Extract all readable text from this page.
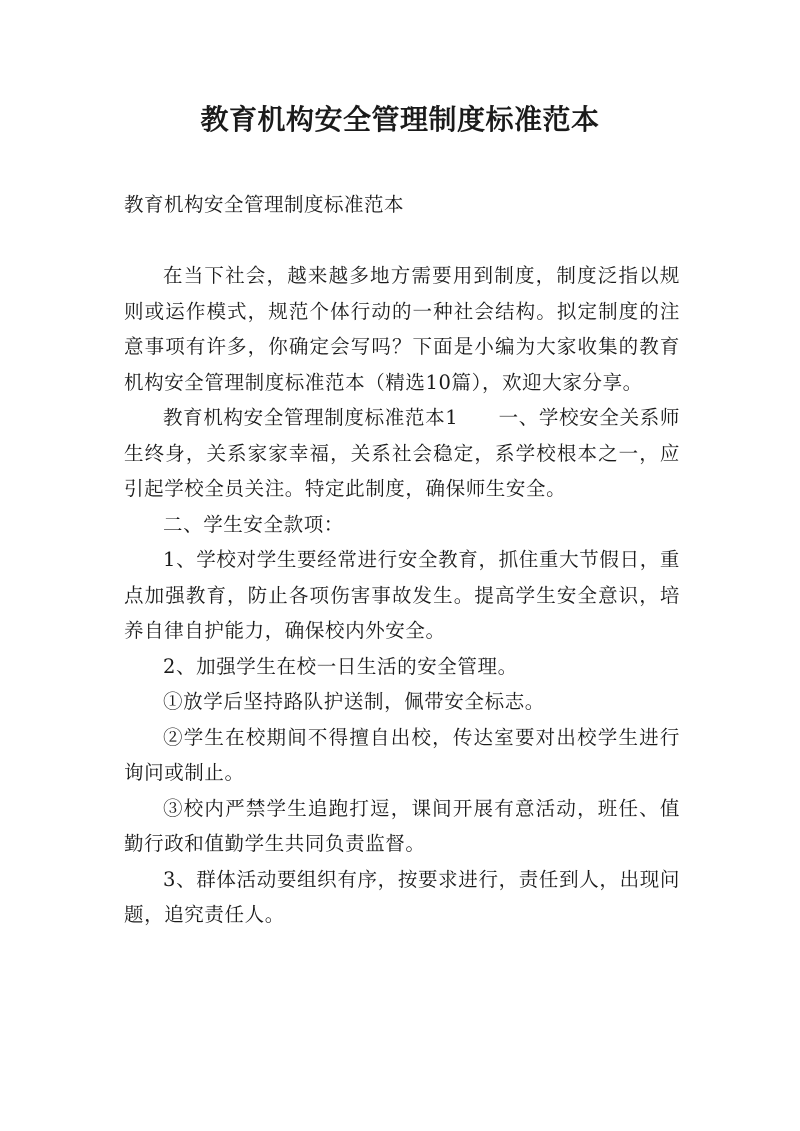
教育机构安全管理制度标准范本

教育机构安全管理制度标准范本

在当下社会，越来越多地方需要用到制度，制度泛指以规则或运作模式，规范个体行动的一种社会结构。拟定制度的注意事项有许多，你确定会写吗？下面是小编为大家收集的教育机构安全管理制度标准范本（精选10篇），欢迎大家分享。

教育机构安全管理制度标准范本1　　一、学校安全关系师生终身，关系家家幸福，关系社会稳定，系学校根本之一，应引起学校全员关注。特定此制度，确保师生安全。

二、学生安全款项：

1、学校对学生要经常进行安全教育，抓住重大节假日，重点加强教育，防止各项伤害事故发生。提高学生安全意识，培养自律自护能力，确保校内外安全。

2、加强学生在校一日生活的安全管理。

①放学后坚持路队护送制，佩带安全标志。

②学生在校期间不得擅自出校，传达室要对出校学生进行询问或制止。

③校内严禁学生追跑打逗，课间开展有意活动，班任、值勤行政和值勤学生共同负责监督。

3、群体活动要组织有序，按要求进行，责任到人，出现问题，追究责任人。
